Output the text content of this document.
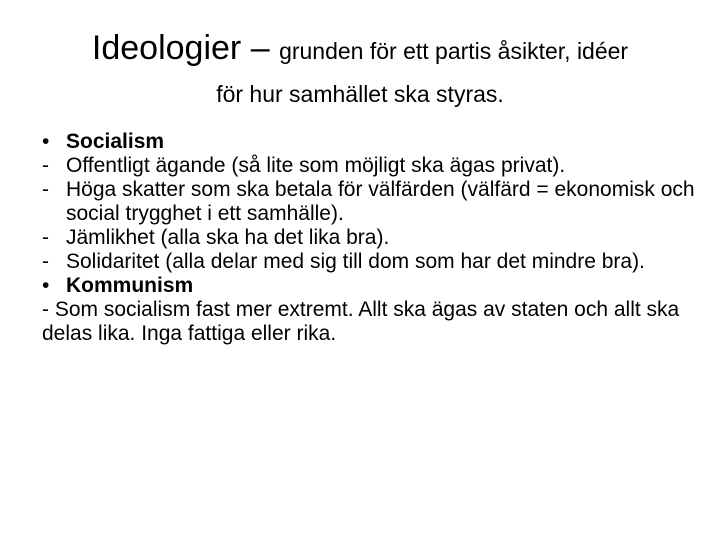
Ideologier – grunden för ett partis åsikter, idéer
för hur samhället ska styras.
• Socialism
- Offentligt ägande (så lite som möjligt ska ägas privat).
- Höga skatter som ska betala för välfärden (välfärd = ekonomisk och social trygghet i ett samhälle).
- Jämlikhet (alla ska ha det lika bra).
- Solidaritet (alla delar med sig till dom som har det mindre bra).
• Kommunism
- Som socialism fast mer extremt. Allt ska ägas av staten och allt ska delas lika. Inga fattiga eller rika.
